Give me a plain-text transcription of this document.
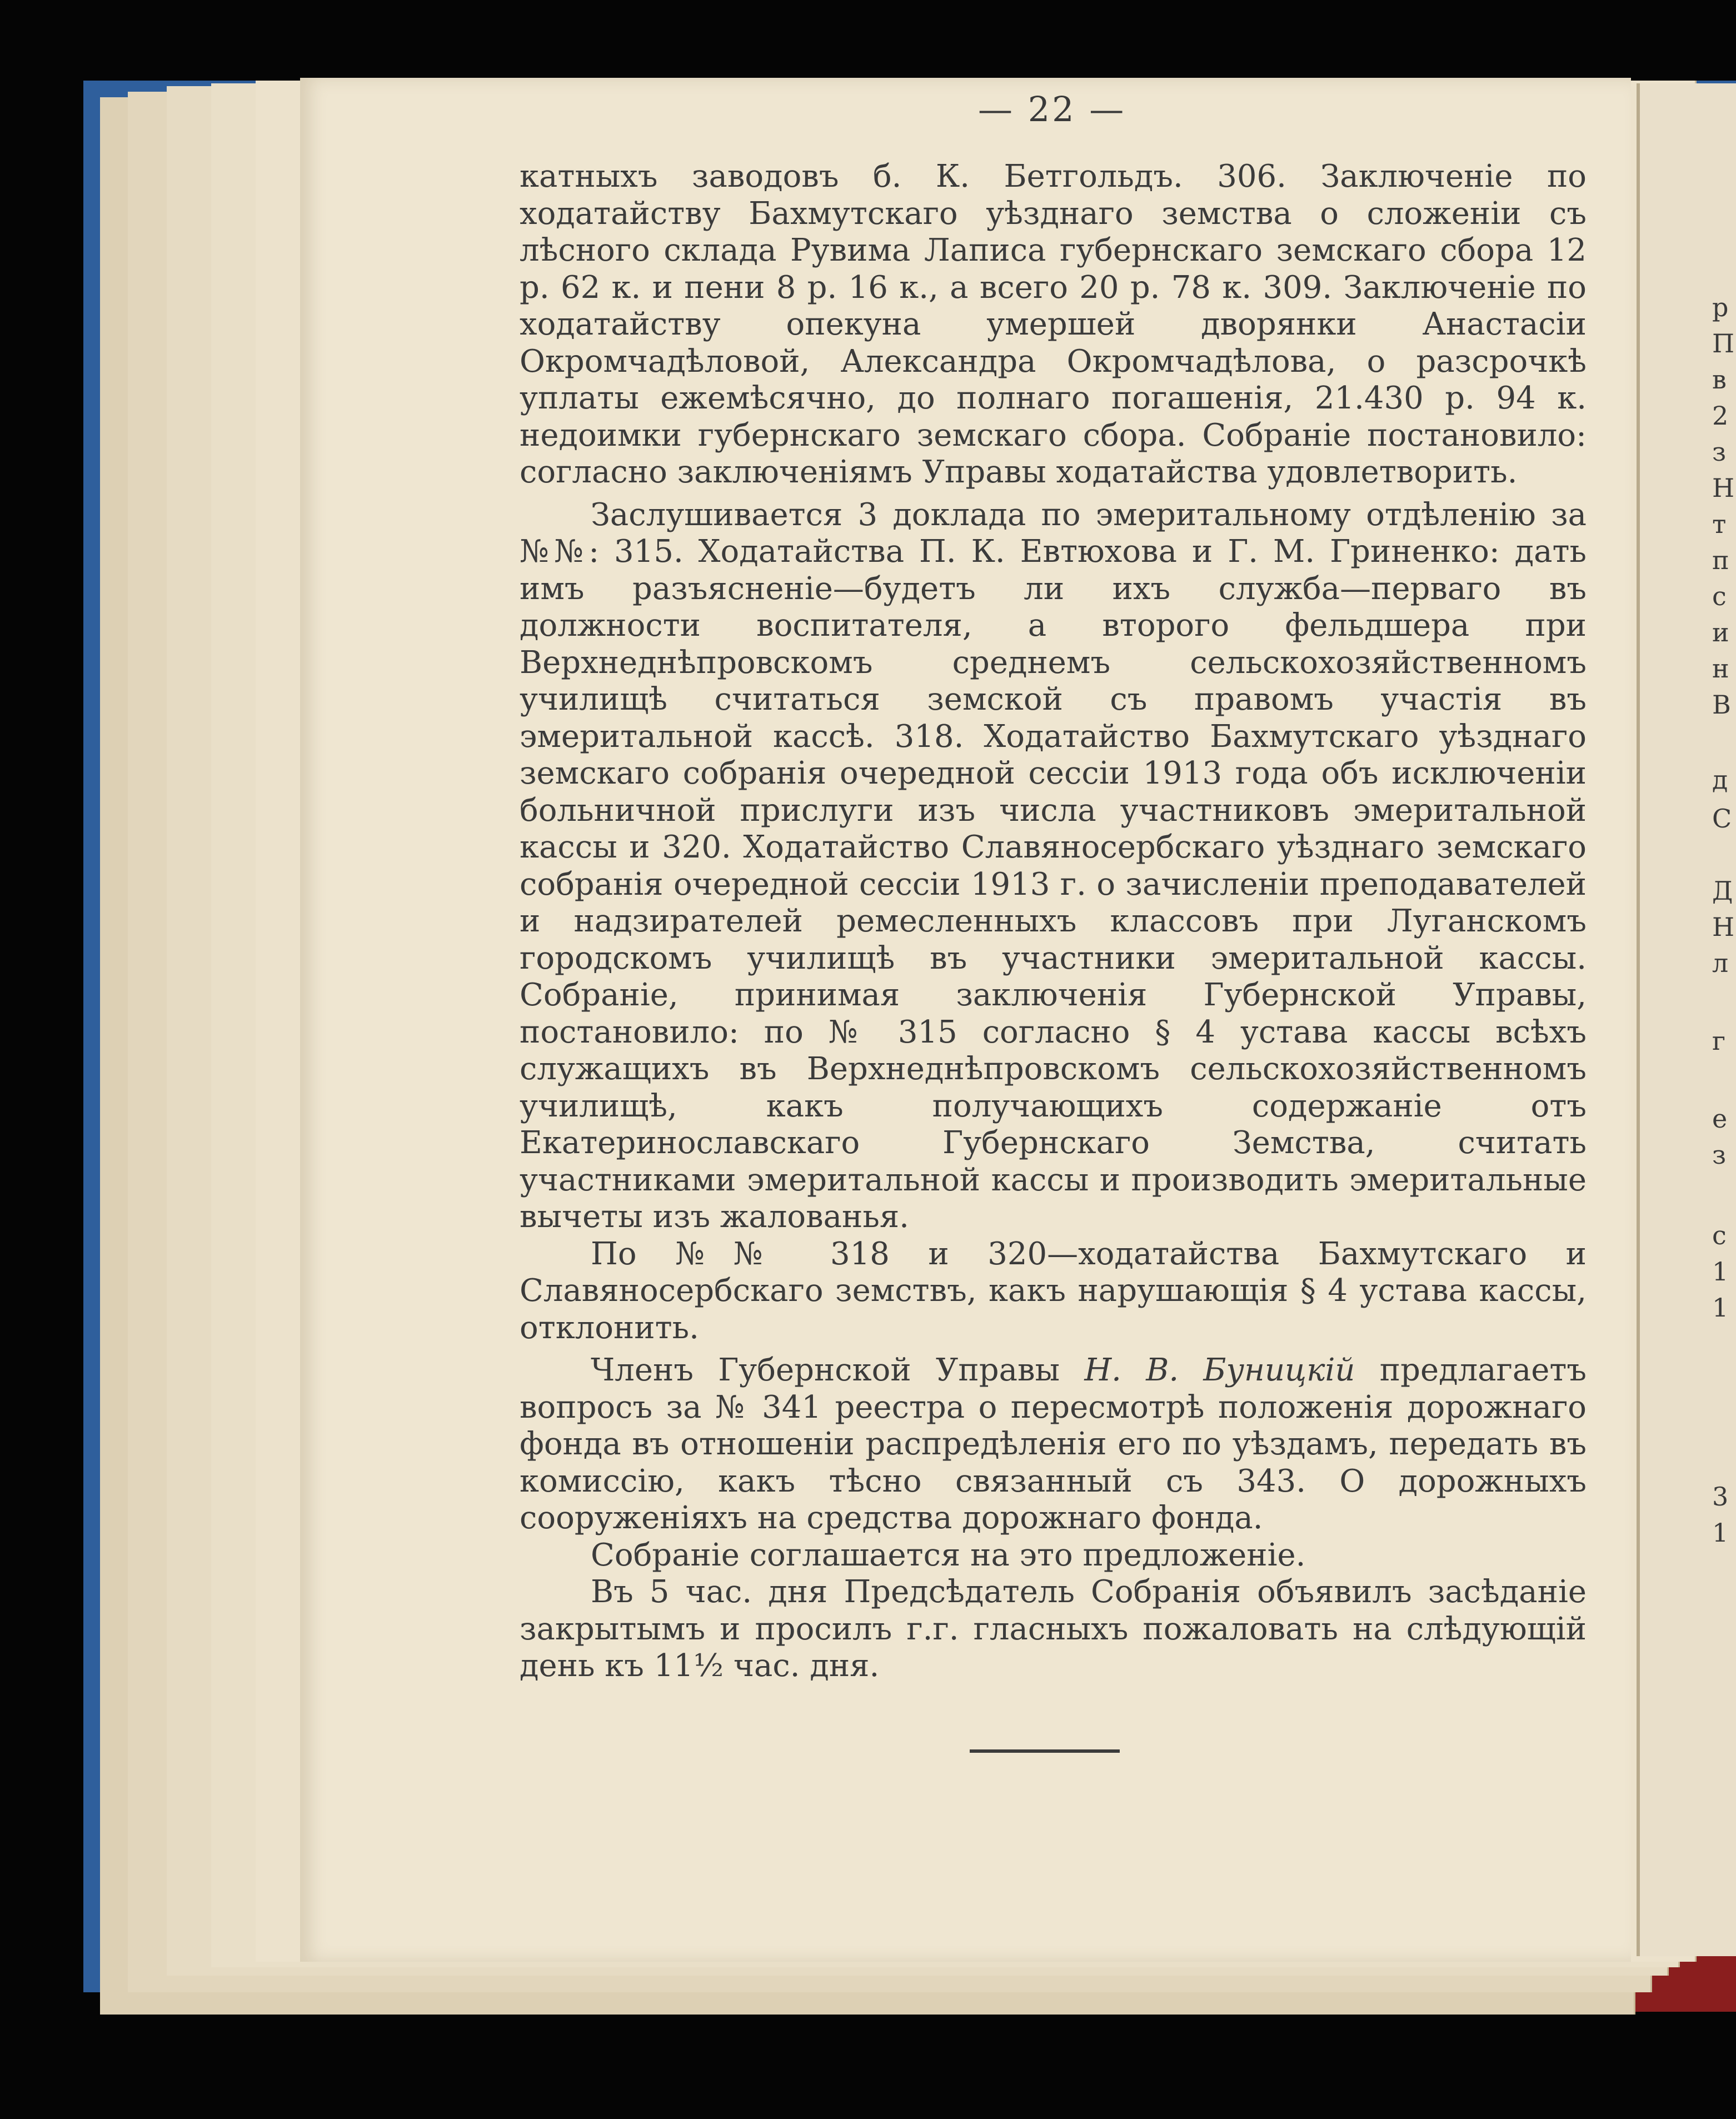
р
П
в
2
з
Н
т
п
с
и
н
В
д
С
Д
Н
л
г
е
з
с
1
1
3
1
— 22 —

катныхъ заводовъ б. К. Бетгольдъ. 306. Заключеніе по ходатайству Бахмутскаго уѣзднаго земства о сложеніи съ лѣсного склада Рувима Лаписа губернскаго земскаго сбора 12 р. 62 к. и пени 8 р. 16 к., а всего 20 р. 78 к. 309. Заключеніе по ходатайству опекуна умершей дворянки Анастасіи Окромчадѣловой, Александра Окромчадѣлова, о разсрочкѣ уплаты ежемѣсячно, до полнаго погашенія, 21.430 р. 94 к. недоимки губернскаго земскаго сбора. Собраніе постановило: согласно заключеніямъ Управы ходатайства удовлетворить.

Заслушивается 3 доклада по эмеритальному отдѣленію за №№: 315. Ходатайства П. К. Евтюхова и Г. М. Гриненко: дать имъ разъясненіе—будетъ ли ихъ служба—перваго въ должности воспитателя, а второго фельдшера при Верхнеднѣпровскомъ среднемъ сельскохозяйственномъ училищѣ считаться земской съ правомъ участія въ эмеритальной кассѣ. 318. Ходатайство Бахмутскаго уѣзднаго земскаго собранія очередной сессіи 1913 года объ исключеніи больничной прислуги изъ числа участниковъ эмеритальной кассы и 320. Ходатайство Славяносербскаго уѣзднаго земскаго собранія очередной сессіи 1913 г. о зачисленіи преподавателей и надзирателей ремесленныхъ классовъ при Луганскомъ городскомъ училищѣ въ участники эмеритальной кассы. Собраніе, принимая заключенія Губернской Управы, постановило: по № 315 согласно § 4 устава кассы всѣхъ служащихъ въ Верхнеднѣпровскомъ сельскохозяйственномъ училищѣ, какъ получающихъ содержаніе отъ Екатеринославскаго Губернскаго Земства, считать участниками эмеритальной кассы и производить эмеритальные вычеты изъ жалованья.

По №№ 318 и 320—ходатайства Бахмутскаго и Славяносербскаго земствъ, какъ нарушающія § 4 устава кассы, отклонить.

Членъ Губернской Управы Н. В. Буницкій предлагаетъ вопросъ за № 341 реестра о пересмотрѣ положенія дорожнаго фонда въ отношеніи распредѣленія его по уѣздамъ, передать въ комиссію, какъ тѣсно связанный съ 343. О дорожныхъ сооруженіяхъ на средства дорожнаго фонда.

Собраніе соглашается на это предложеніе.

Въ 5 час. дня Предсѣдатель Собранія объявилъ засѣданіе закрытымъ и просилъ г.г. гласныхъ пожаловать на слѣдующій день къ 11½ час. дня.
